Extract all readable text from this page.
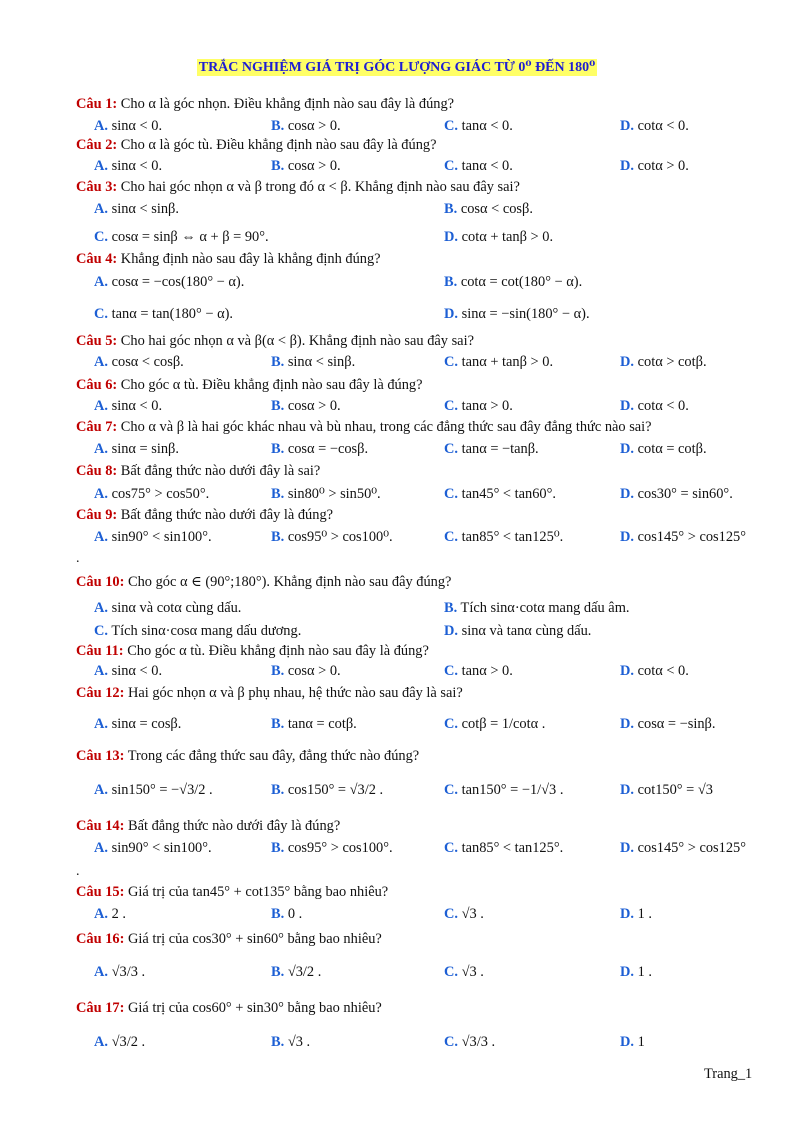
TRẮC NGHIỆM GIÁ TRỊ GÓC LƯỢNG GIÁC TỪ 0⁰ ĐẾN 180⁰
Câu 1: Cho α là góc nhọn. Điều khẳng định nào sau đây là đúng?
A. sinα < 0.	B. cosα > 0.	C. tanα < 0.	D. cotα < 0.
Câu 2: Cho α là góc tù. Điều khẳng định nào sau đây là đúng?
A. sinα < 0.	B. cosα > 0.	C. tanα < 0.	D. cotα > 0.
Câu 3: Cho hai góc nhọn α và β trong đó α < β. Khẳng định nào sau đây sai?
A. sinα < sinβ.	B. cosα < cosβ.
C. cosα = sinβ ⇔ α + β = 90°.	D. cotα + tanβ > 0.
Câu 4: Khẳng định nào sau đây là khẳng định đúng?
A. cosα = −cos(180° − α).	B. cotα = cot(180° − α).
C. tanα = tan(180° − α).	D. sinα = −sin(180° − α).
Câu 5: Cho hai góc nhọn α và β(α < β). Khẳng định nào sau đây sai?
A. cosα < cosβ.	B. sinα < sinβ.	C. tanα + tanβ > 0.	D. cotα > cotβ.
Câu 6: Cho góc α tù. Điều khẳng định nào sau đây là đúng?
A. sinα < 0.	B. cosα > 0.	C. tanα > 0.	D. cotα < 0.
Câu 7: Cho α và β là hai góc khác nhau và bù nhau, trong các đẳng thức sau đây đẳng thức nào sai?
A. sinα = sinβ.	B. cosα = −cosβ.	C. tanα = −tanβ.	D. cotα = cotβ.
Câu 8: Bất đẳng thức nào dưới đây là sai?
A. cos75° > cos50°.	B. sin80⁰ > sin50⁰.	C. tan45° < tan60°.	D. cos30° = sin60°.
Câu 9: Bất đẳng thức nào dưới đây là đúng?
A. sin90° < sin100°.	B. cos95⁰ > cos100⁰.	C. tan85° < tan125⁰.	D. cos145° > cos125°
Câu 10: Cho góc α ∈ (90°;180°). Khẳng định nào sau đây đúng?
A. sinα và cotα cùng dấu.	B. Tích sinα·cotα mang dấu âm.
C. Tích sinα·cosα mang dấu dương.	D. sinα và tanα cùng dấu.
Câu 11: Cho góc α tù. Điều khẳng định nào sau đây là đúng?
A. sinα < 0.	B. cosα > 0.	C. tanα > 0.	D. cotα < 0.
Câu 12: Hai góc nhọn α và β phụ nhau, hệ thức nào sau đây là sai?
A. sinα = cosβ.	B. tanα = cotβ.	C. cotβ = 1/cotα .	D. cosα = −sinβ.
Câu 13: Trong các đẳng thức sau đây, đẳng thức nào đúng?
A. sin150° = −√3/2 .	B. cos150° = √3/2 .	C. tan150° = −1/√3 .	D. cot150° = √3
Câu 14: Bất đẳng thức nào dưới đây là đúng?
A. sin90° < sin100°.	B. cos95° > cos100°.	C. tan85° < tan125°.	D. cos145° > cos125°
Câu 15: Giá trị của tan45° + cot135° bằng bao nhiêu?
A. 2 .	B. 0 .	C. √3 .	D. 1 .
Câu 16: Giá trị của cos30° + sin60° bằng bao nhiêu?
A. √3/3 .	B. √3/2 .	C. √3 .	D. 1 .
Câu 17: Giá trị của cos60° + sin30° bằng bao nhiêu?
A. √3/2 .	B. √3 .	C. √3/3 .	D. 1
.
.
Trang_1
